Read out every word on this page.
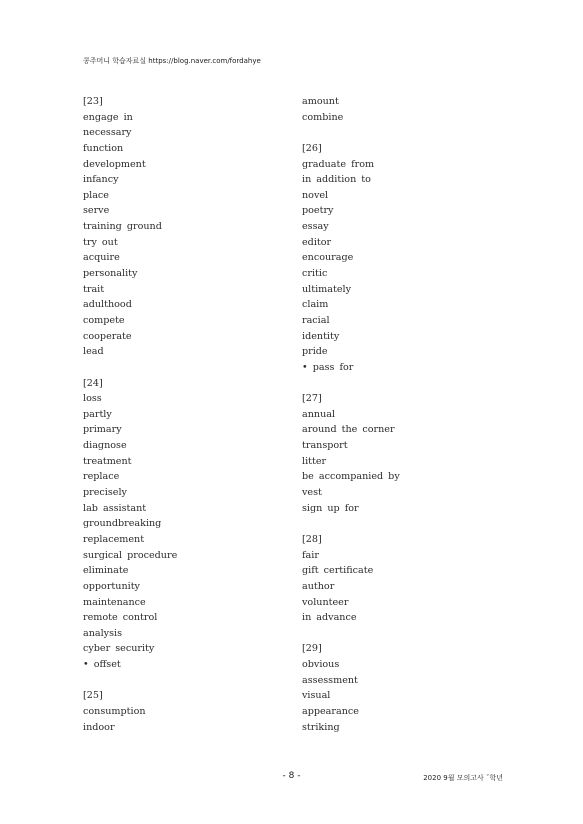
콩주머니 학습자료실 https://blog.naver.com/fordahye
[23]
engage in
necessary
function
development
infancy
place
serve
training ground
try out
acquire
personality
trait
adulthood
compete
cooperate
lead
[24]
loss
partly
primary
diagnose
treatment
replace
precisely
lab assistant
groundbreaking
replacement
surgical procedure
eliminate
opportunity
maintenance
remote control
analysis
cyber security
• offset
[25]
consumption
indoor
amount
combine
[26]
graduate from
in addition to
novel
poetry
essay
editor
encourage
critic
ultimately
claim
racial
identity
pride
• pass for
[27]
annual
around the corner
transport
litter
be accompanied by
vest
sign up for
[28]
fair
gift certificate
author
volunteer
in advance
[29]
obvious
assessment
visual
appearance
striking
- 8 -	2020 9월 모의고사 ˇ학년
